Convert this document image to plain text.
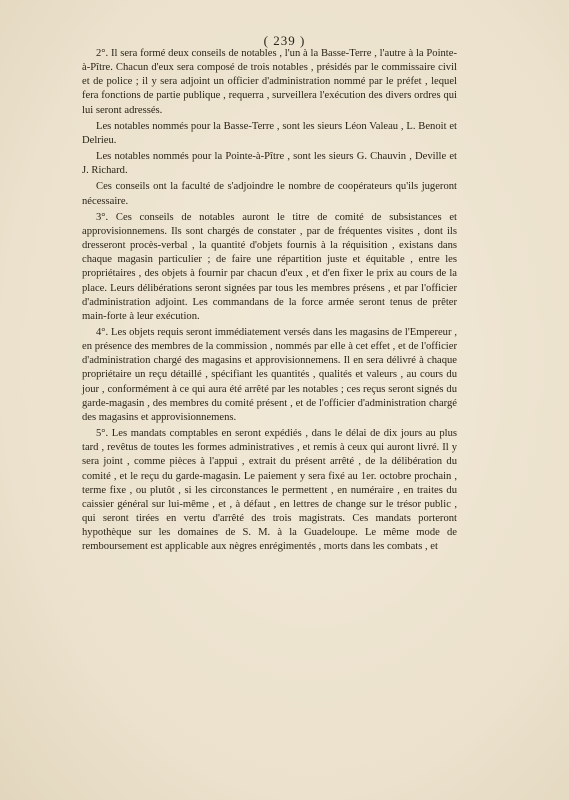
( 239 )

2°. Il sera formé deux conseils de notables , l'un à la Basse-Terre , l'autre à la Pointe-à-Pître. Chacun d'eux sera composé de trois notables , présidés par le commissaire civil et de police ; il y sera adjoint un officier d'administration nommé par le préfet , lequel fera fonctions de partie publique , requerra , surveillera l'exécution des divers ordres qui lui seront adressés.

Les notables nommés pour la Basse-Terre , sont les sieurs Léon Valeau , L. Benoit et Delrieu.

Les notables nommés pour la Pointe-à-Pître , sont les sieurs G. Chauvin , Deville et J. Richard.

Ces conseils ont la faculté de s'adjoindre le nombre de coopérateurs qu'ils jugeront nécessaire.

3°. Ces conseils de notables auront le titre de comité de subsistances et approvisionnemens. Ils sont chargés de constater , par de fréquentes visites , dont ils dresseront procès-verbal , la quantité d'objets fournis à la réquisition , existans dans chaque magasin particulier ; de faire une répartition juste et équitable , entre les propriétaires , des objets à fournir par chacun d'eux , et d'en fixer le prix au cours de la place. Leurs délibérations seront signées par tous les membres présens , et par l'officier d'administration adjoint. Les commandans de la force armée seront tenus de prêter main-forte à leur exécution.

4°. Les objets requis seront immédiatement versés dans les magasins de l'Empereur , en présence des membres de la commission , nommés par elle à cet effet , et de l'officier d'administration chargé des magasins et approvisionnemens. Il en sera délivré à chaque propriétaire un reçu détaillé , spécifiant les quantités , qualités et valeurs , au cours du jour , conformément à ce qui aura été arrêté par les notables ; ces reçus seront signés du garde-magasin , des membres du comité présent , et de l'officier d'administration chargé des magasins et approvisionnemens.

5°. Les mandats comptables en seront expédiés , dans le délai de dix jours au plus tard , revêtus de toutes les formes administratives , et remis à ceux qui auront livré. Il y sera joint , comme pièces à l'appui , extrait du présent arrêté , de la délibération du comité , et le reçu du garde-magasin. Le paiement y sera fixé au 1er. octobre prochain , terme fixe , ou plutôt , si les circonstances le permettent , en numéraire , en traites du caissier général sur lui-même , et , à défaut , en lettres de change sur le trésor public , qui seront tirées en vertu d'arrêté des trois magistrats. Ces mandats porteront hypothèque sur les domaines de S. M. à la Guadeloupe. Le même mode de remboursement est applicable aux nègres enrégimentés , morts dans les combats , et
